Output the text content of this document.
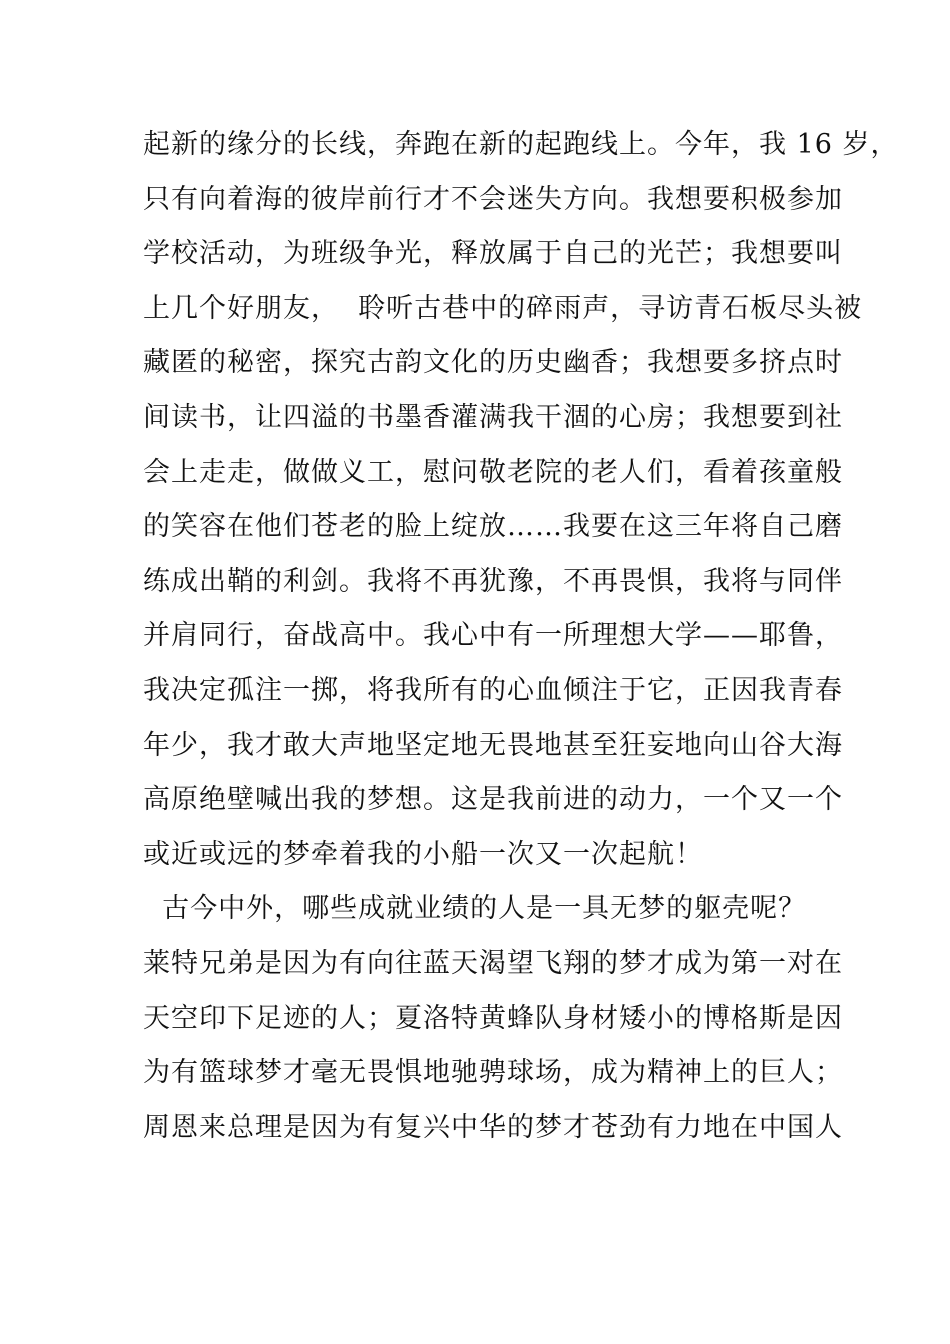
起新的缘分的长线，奔跑在新的起跑线上。今年，我 16 岁，
只有向着海的彼岸前行才不会迷失方向。我想要积极参加
学校活动，为班级争光，释放属于自己的光芒；我想要叫
上几个好朋友，  聆听古巷中的碎雨声，寻访青石板尽头被
藏匿的秘密，探究古韵文化的历史幽香；我想要多挤点时
间读书，让四溢的书墨香灌满我干涸的心房；我想要到社
会上走走，做做义工，慰问敬老院的老人们，看着孩童般
的笑容在他们苍老的脸上绽放……我要在这三年将自己磨
练成出鞘的利剑。我将不再犹豫，不再畏惧，我将与同伴
并肩同行，奋战高中。我心中有一所理想大学——耶鲁，
我决定孤注一掷，将我所有的心血倾注于它，正因我青春
年少，我才敢大声地坚定地无畏地甚至狂妄地向山谷大海
高原绝壁喊出我的梦想。这是我前进的动力，一个又一个
或近或远的梦牵着我的小船一次又一次起航！
古今中外，哪些成就业绩的人是一具无梦的躯壳呢？
莱特兄弟是因为有向往蓝天渴望飞翔的梦才成为第一对在
天空印下足迹的人；夏洛特黄蜂队身材矮小的博格斯是因
为有篮球梦才毫无畏惧地驰骋球场，成为精神上的巨人；
周恩来总理是因为有复兴中华的梦才苍劲有力地在中国人
